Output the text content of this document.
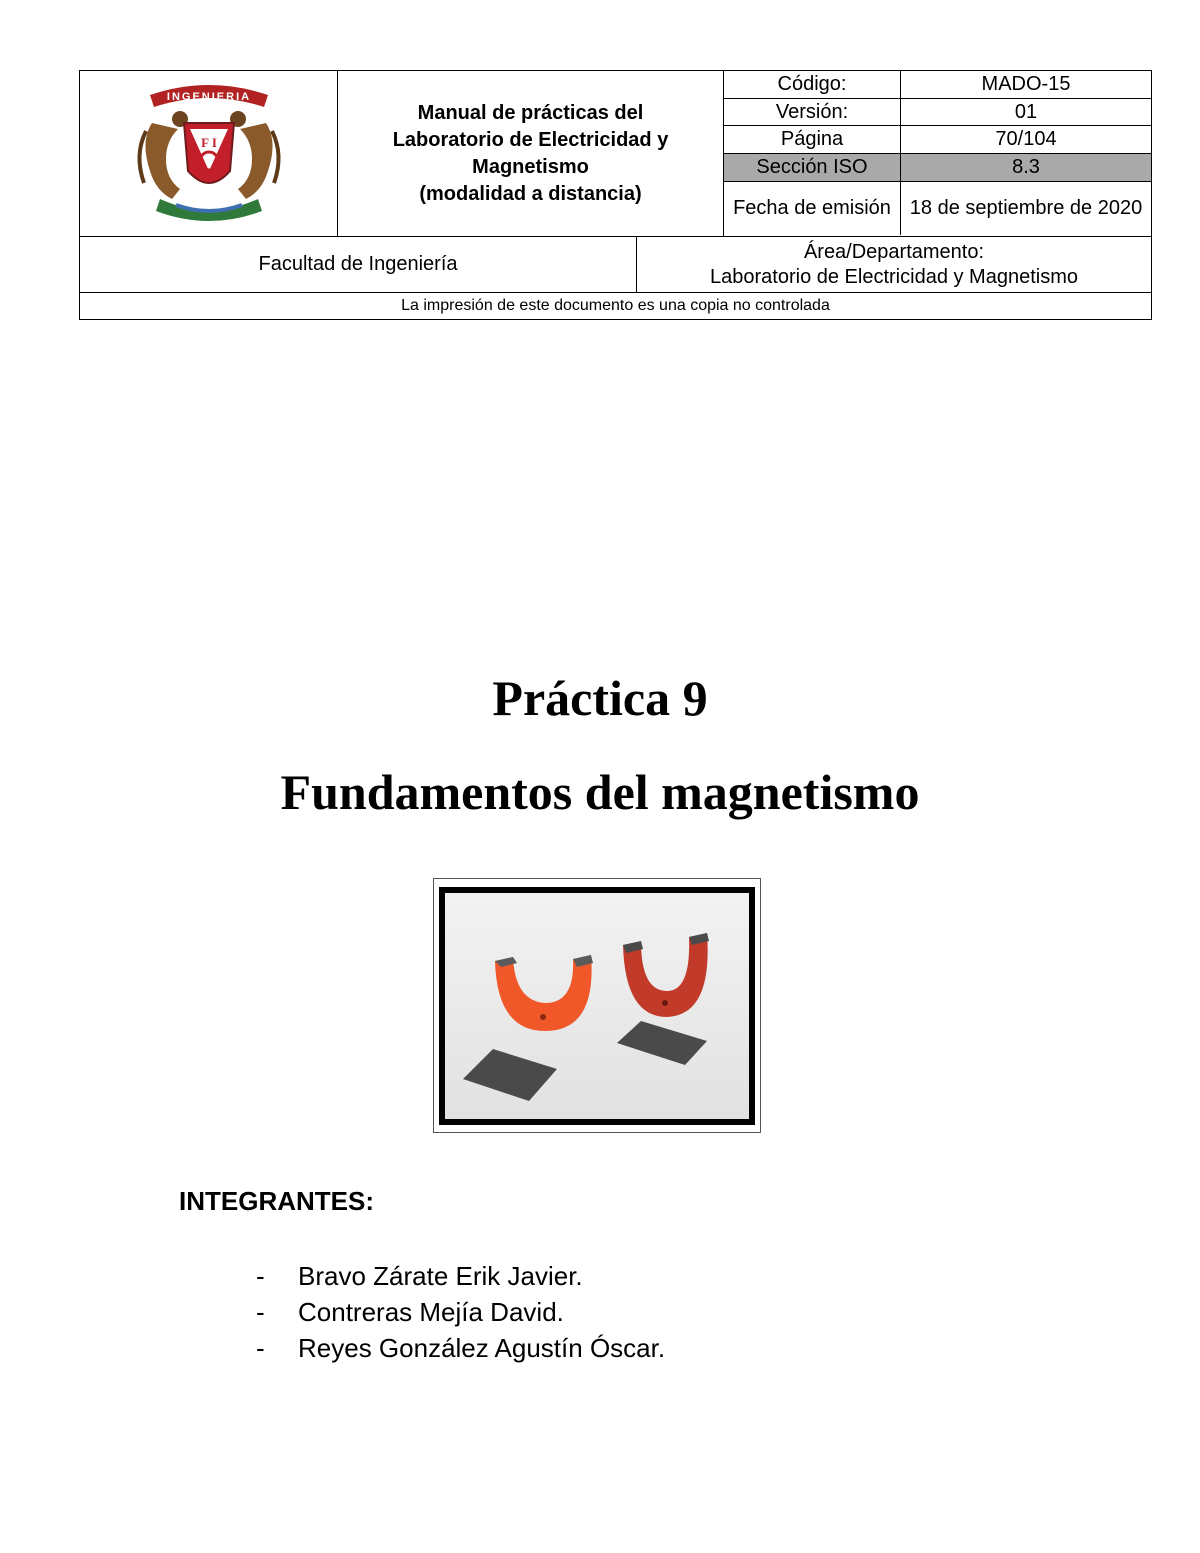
INGENIERIA
F I
Manual de prácticas del
Laboratorio de Electricidad y
Magnetismo
(modalidad a distancia)
Código:	MADO-15
Versión:	01
Página	70/104
Sección ISO	8.3
Fecha de emisión 18 de septiembre de 2020
Facultad de Ingeniería
Área/Departamento:
Laboratorio de Electricidad y Magnetismo
La impresión de este documento es una copia no controlada
Práctica 9
Fundamentos del magnetismo
INTEGRANTES:
-	Bravo Zárate Erik Javier.
-	Contreras Mejía David.
-	Reyes González Agustín Óscar.
